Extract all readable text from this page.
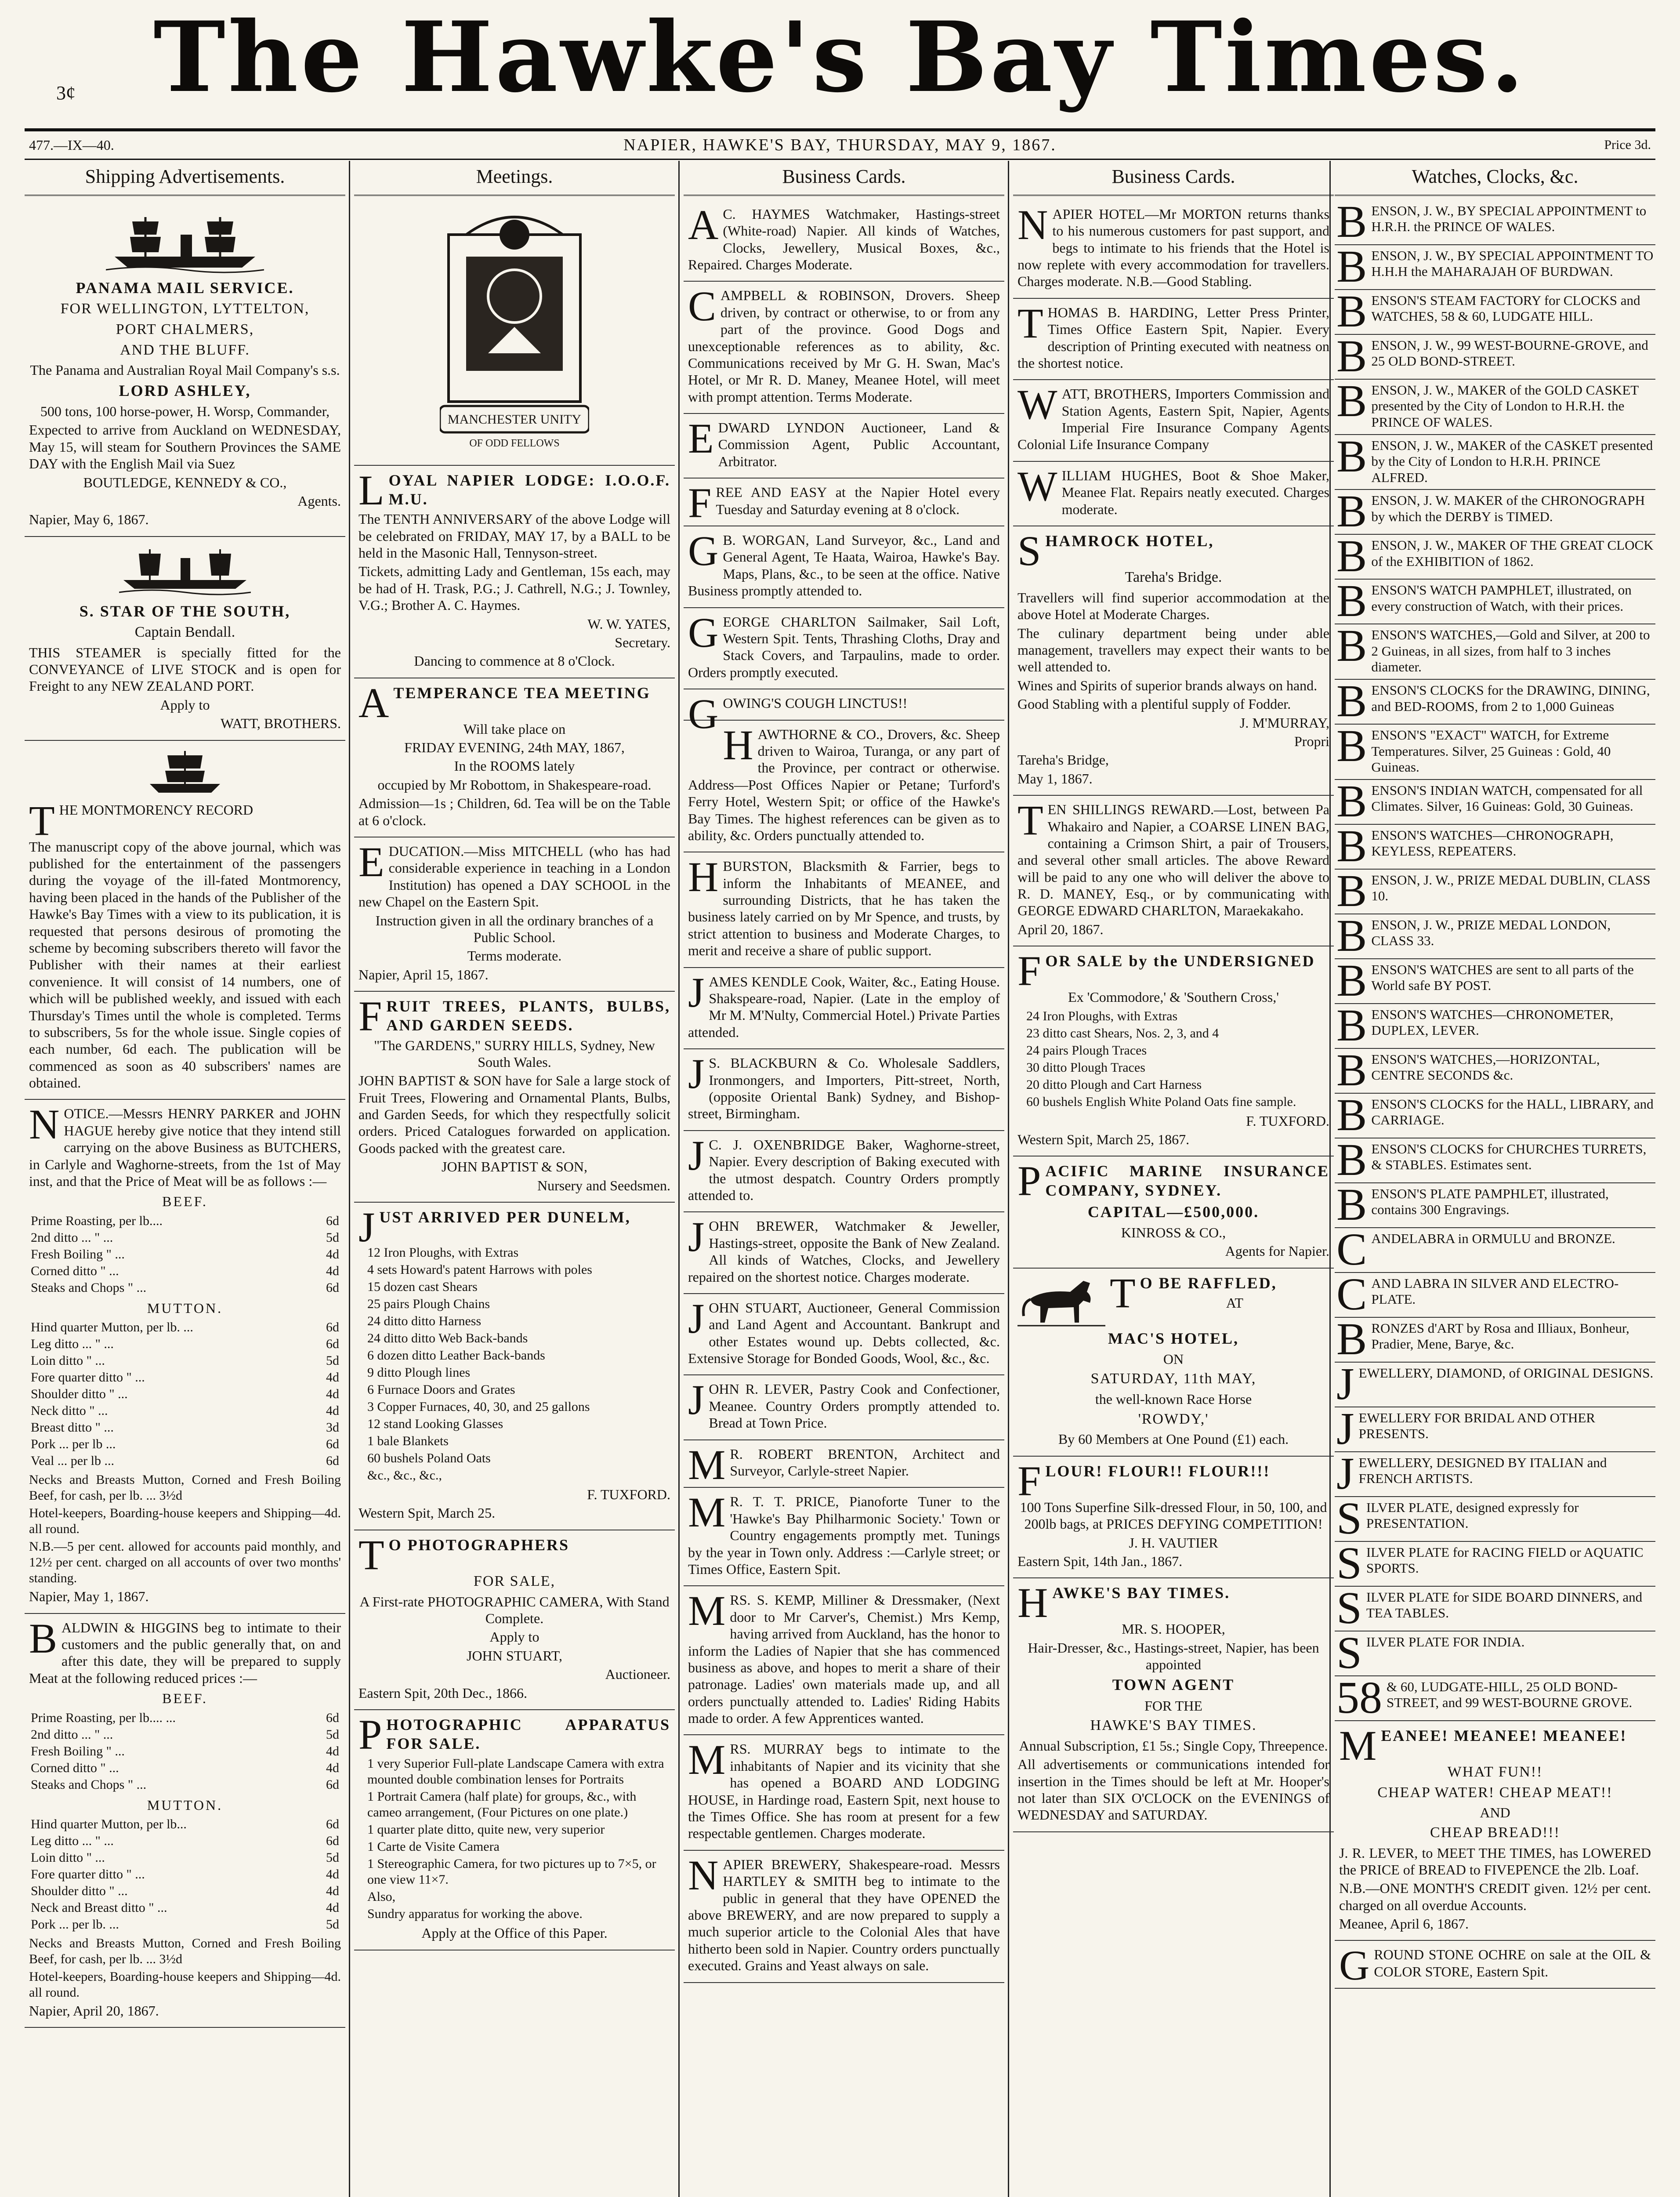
The Hawke's Bay Times.
3¢
477.—IX—40.	NAPIER, HAWKE'S BAY, THURSDAY, MAY 9, 1867.	Price 3d.
Shipping Advertisements.
PANAMA MAIL SERVICE.
FOR WELLINGTON, LYTTELTON,
PORT CHALMERS,
AND THE BLUFF.

The Panama and Australian Royal Mail Company's s.s.

LORD ASHLEY,

500 tons, 100 horse-power, H. Worsp, Commander,

Expected to arrive from Auckland on WEDNESDAY, May 15, will steam for Southern Provinces the SAME DAY with the English Mail via Suez

BOUTLEDGE, KENNEDY & CO.,

Agents.

Napier, May 6, 1867.

S. STAR OF THE SOUTH,
Captain Bendall.

THIS STEAMER is specially fitted for the CONVEYANCE of LIVE STOCK and is open for Freight to any NEW ZEALAND PORT.

Apply to

WATT, BROTHERS.

THE MONTMORENCY RECORD

The manuscript copy of the above journal, which was published for the entertainment of the passengers during the voyage of the ill-fated Montmorency, having been placed in the hands of the Publisher of the Hawke's Bay Times with a view to its publication, it is requested that persons desirous of promoting the scheme by becoming subscribers thereto will favor the Publisher with their names at their earliest convenience. It will consist of 14 numbers, one of which will be published weekly, and issued with each Thursday's Times until the whole is completed. Terms to subscribers, 5s for the whole issue. Single copies of each number, 6d each. The publication will be commenced as soon as 40 subscribers' names are obtained.

NOTICE.—Messrs HENRY PARKER and JOHN HAGUE hereby give notice that they intend still carrying on the above Business as BUTCHERS, in Carlyle and Waghorne-streets, from the 1st of May inst, and that the Price of Meat will be as follows :—

BEEF.
Prime Roasting, per lb....	6d
2nd ditto ... " ...	5d
Fresh Boiling " ...	4d
Corned ditto " ...	4d
Steaks and Chops " ...	6d
MUTTON.
Hind quarter Mutton, per lb. ...	6d
Leg ditto ... " ...	6d
Loin ditto " ...	5d
Fore quarter ditto " ...	4d
Shoulder ditto " ...	4d
Neck ditto " ...	4d
Breast ditto " ...	3d
Pork ... per lb ...	6d
Veal ... per lb ...	6d

Necks and Breasts Mutton, Corned and Fresh Boiling Beef, for cash, per lb. ... 3½d

Hotel-keepers, Boarding-house keepers and Shipping—4d. all round.

N.B.—5 per cent. allowed for accounts paid monthly, and 12½ per cent. charged on all accounts of over two months' standing.

Napier, May 1, 1867.

BALDWIN & HIGGINS beg to intimate to their customers and the public generally that, on and after this date, they will be prepared to supply Meat at the following reduced prices :—

BEEF.
Prime Roasting, per lb.... ...	6d
2nd ditto ... " ...	5d
Fresh Boiling " ...	4d
Corned ditto " ...	4d
Steaks and Chops " ...	6d
MUTTON.
Hind quarter Mutton, per lb...	6d
Leg ditto ... " ...	6d
Loin ditto " ...	5d
Fore quarter ditto " ...	4d
Shoulder ditto " ...	4d
Neck and Breast ditto " ...	4d
Pork ... per lb. ...	5d

Necks and Breasts Mutton, Corned and Fresh Boiling Beef, for cash, per lb. ... 3½d

Hotel-keepers, Boarding-house keepers and Shipping—4d. all round.

Napier, April 20, 1867.

Meetings.
MANCHESTER UNITY
OF ODD FELLOWS

LOYAL NAPIER LODGE: I.O.O.F. M.U.

The TENTH ANNIVERSARY of the above Lodge will be celebrated on FRIDAY, MAY 17, by a BALL to be held in the Masonic Hall, Tennyson-street.

Tickets, admitting Lady and Gentleman, 15s each, may be had of H. Trask, P.G.; J. Cathrell, N.G.; J. Townley, V.G.; Brother A. C. Haymes.

W. W. YATES,

Secretary.

Dancing to commence at 8 o'Clock.

ATEMPERANCE TEA MEETING

Will take place on

FRIDAY EVENING, 24th MAY, 1867,

In the ROOMS lately

occupied by Mr Robottom, in Shakespeare-road.

Admission—1s ; Children, 6d. Tea will be on the Table at 6 o'clock.

EDUCATION.—Miss MITCHELL (who has had considerable experience in teaching in a London Institution) has opened a DAY SCHOOL in the new Chapel on the Eastern Spit.

Instruction given in all the ordinary branches of a Public School.

Terms moderate.

Napier, April 15, 1867.

FRUIT TREES, PLANTS, BULBS, AND GARDEN SEEDS.

"The GARDENS," SURRY HILLS, Sydney, New South Wales.

JOHN BAPTIST & SON have for Sale a large stock of Fruit Trees, Flowering and Ornamental Plants, Bulbs, and Garden Seeds, for which they respectfully solicit orders. Priced Catalogues forwarded on application. Goods packed with the greatest care.

JOHN BAPTIST & SON,

Nursery and Seedsmen.

JUST ARRIVED PER DUNELM,

12 Iron Ploughs, with Extras
4 sets Howard's patent Harrows with poles
15 dozen cast Shears
25 pairs Plough Chains
24 ditto ditto Harness
24 ditto ditto Web Back-bands
6 dozen ditto Leather Back-bands
9 ditto Plough lines
6 Furnace Doors and Grates
3 Copper Furnaces, 40, 30, and 25 gallons
12 stand Looking Glasses
1 bale Blankets
60 bushels Poland Oats
&c., &c., &c.,

F. TUXFORD.

Western Spit, March 25.

T O PHOTOGRAPHERS

FOR SALE,

A First-rate PHOTOGRAPHIC CAMERA, With Stand Complete.

Apply to

JOHN STUART,

Auctioneer.

Eastern Spit, 20th Dec., 1866.

PHOTOGRAPHIC APPARATUS FOR SALE.

1 very Superior Full-plate Landscape Camera with extra mounted double combination lenses for Portraits
1 Portrait Camera (half plate) for groups, &c., with cameo arrangement, (Four Pictures on one plate.)
1 quarter plate ditto, quite new, very superior
1 Carte de Visite Camera
1 Stereographic Camera, for two pictures up to 7×5, or one view 11×7.
Also,
Sundry apparatus for working the above.

Apply at the Office of this Paper.

Business Cards.

A C. HAYMES Watchmaker, Hastings-street (White-road) Napier. All kinds of Watches, Clocks, Jewellery, Musical Boxes, &c., Repaired. Charges Moderate.

CAMPBELL & ROBINSON, Drovers. Sheep driven, by contract or otherwise, to or from any part of the province. Good Dogs and unexceptionable references as to ability, &c. Communications received by Mr G. H. Swan, Mac's Hotel, or Mr R. D. Maney, Meanee Hotel, will meet with prompt attention. Terms Moderate.

EDWARD LYNDON Auctioneer, Land & Commission Agent, Public Accountant, Arbitrator.

FREE AND EASY at the Napier Hotel every Tuesday and Saturday evening at 8 o'clock.

G B. WORGAN, Land Surveyor, &c., Land and General Agent, Te Haata, Wairoa, Hawke's Bay. Maps, Plans, &c., to be seen at the office. Native Business promptly attended to.

GEORGE CHARLTON Sailmaker, Sail Loft, Western Spit. Tents, Thrashing Cloths, Dray and Stack Covers, and Tarpaulins, made to order. Orders promptly executed.

GOWING'S COUGH LINCTUS!!

HAWTHORNE & CO., Drovers, &c. Sheep driven to Wairoa, Turanga, or any part of the Province, per contract or otherwise. Address—Post Offices Napier or Petane; Turford's Ferry Hotel, Western Spit; or office of the Hawke's Bay Times. The highest references can be given as to ability, &c. Orders punctually attended to.

HBURSTON, Blacksmith & Farrier, begs to inform the Inhabitants of MEANEE, and surrounding Districts, that he has taken the business lately carried on by Mr Spence, and trusts, by strict attention to business and Moderate Charges, to merit and receive a share of public support.

JAMES KENDLE Cook, Waiter, &c., Eating House. Shakspeare-road, Napier. (Late in the employ of Mr M. M'Nulty, Commercial Hotel.) Private Parties attended.

J S. BLACKBURN & Co. Wholesale Saddlers, Ironmongers, and Importers, Pitt-street, North, (opposite Oriental Bank) Sydney, and Bishop-street, Birmingham.

J C. J. OXENBRIDGE Baker, Waghorne-street, Napier. Every description of Baking executed with the utmost despatch. Country Orders promptly attended to.

JOHN BREWER, Watchmaker & Jeweller, Hastings-street, opposite the Bank of New Zealand. All kinds of Watches, Clocks, and Jewellery repaired on the shortest notice. Charges moderate.

JOHN STUART, Auctioneer, General Commission and Land Agent and Accountant. Bankrupt and other Estates wound up. Debts collected, &c. Extensive Storage for Bonded Goods, Wool, &c., &c.

JOHN R. LEVER, Pastry Cook and Confectioner, Meanee. Country Orders promptly attended to. Bread at Town Price.

M R. ROBERT BRENTON, Architect and Surveyor, Carlyle-street Napier.

M R. T. T. PRICE, Pianoforte Tuner to the 'Hawke's Bay Philharmonic Society.' Town or Country engagements promptly met. Tunings by the year in Town only. Address :—Carlyle street; or Times Office, Eastern Spit.

MRS. S. KEMP, Milliner & Dressmaker, (Next door to Mr Carver's, Chemist.) Mrs Kemp, having arrived from Auckland, has the honor to inform the Ladies of Napier that she has commenced business as above, and hopes to merit a share of their patronage. Ladies' own materials made up, and all orders punctually attended to. Ladies' Riding Habits made to order. A few Apprentices wanted.

MRS. MURRAY begs to intimate to the inhabitants of Napier and its vicinity that she has opened a BOARD AND LODGING HOUSE, in Hardinge road, Eastern Spit, next house to the Times Office. She has room at present for a few respectable gentlemen. Charges moderate.

NAPIER BREWERY, Shakespeare-road. Messrs HARTLEY & SMITH beg to intimate to the public in general that they have OPENED the above BREWERY, and are now prepared to supply a much superior article to the Colonial Ales that have hitherto been sold in Napier. Country orders punctually executed. Grains and Yeast always on sale.

Business Cards.

NAPIER HOTEL—Mr MORTON returns thanks to his numerous customers for past support, and begs to intimate to his friends that the Hotel is now replete with every accommodation for travellers. Charges moderate. N.B.—Good Stabling.

THOMAS B. HARDING, Letter Press Printer, Times Office Eastern Spit, Napier. Every description of Printing executed with neatness on the shortest notice.

WATT, BROTHERS, Importers Commission and Station Agents, Eastern Spit, Napier, Agents Imperial Fire Insurance Company Agents Colonial Life Insurance Company

WILLIAM HUGHES, Boot & Shoe Maker, Meanee Flat. Repairs neatly executed. Charges moderate.

SHAMROCK HOTEL,

Tareha's Bridge.

Travellers will find superior accommodation at the above Hotel at Moderate Charges.

The culinary department being under able management, travellers may expect their wants to be well attended to.

Wines and Spirits of superior brands always on hand.

Good Stabling with a plentiful supply of Fodder.

J. M'MURRAY,

Propri

Tareha's Bridge,

May 1, 1867.

TEN SHILLINGS REWARD.—Lost, between Pa Whakairo and Napier, a COARSE LINEN BAG, containing a Crimson Shirt, a pair of Trousers, and several other small articles. The above Reward will be paid to any one who will deliver the above to R. D. MANEY, Esq., or by communicating with GEORGE EDWARD CHARLTON, Maraekakaho.

April 20, 1867.

FOR SALE by the UNDERSIGNED

Ex 'Commodore,' & 'Southern Cross,'

24 Iron Ploughs, with Extras
23 ditto cast Shears, Nos. 2, 3, and 4
24 pairs Plough Traces
30 ditto Plough Traces
20 ditto Plough and Cart Harness
60 bushels English White Poland Oats fine sample.

F. TUXFORD.

Western Spit, March 25, 1867.

PACIFIC MARINE INSURANCE COMPANY, SYDNEY.

CAPITAL—£500,000.

KINROSS & CO.,

Agents for Napier.

T O BE RAFFLED,

AT

MAC'S HOTEL,

ON

SATURDAY, 11th MAY,

the well-known Race Horse

'ROWDY,'

By 60 Members at One Pound (£1) each.

FLOUR! FLOUR!! FLOUR!!!

100 Tons Superfine Silk-dressed Flour, in 50, 100, and 200lb bags, at PRICES DEFYING COMPETITION!

J. H. VAUTIER

Eastern Spit, 14th Jan., 1867.

HAWKE'S BAY TIMES.

MR. S. HOOPER,

Hair-Dresser, &c., Hastings-street, Napier, has been appointed

TOWN AGENT

FOR THE

HAWKE'S BAY TIMES.

Annual Subscription, £1 5s.; Single Copy, Threepence.

All advertisements or communications intended for insertion in the Times should be left at Mr. Hooper's not later than SIX O'CLOCK on the EVENINGS of WEDNESDAY and SATURDAY.

Watches, Clocks, &c.
B ENSON, J. W., BY SPECIAL APPOINTMENT to H.R.H. the PRINCE OF WALES.

B ENSON, J. W., BY SPECIAL APPOINTMENT TO H.H.H the MAHARAJAH OF BURDWAN.

B ENSON'S STEAM FACTORY for CLOCKS and WATCHES, 58 & 60, LUDGATE HILL.

B ENSON, J. W., 99 WEST-BOURNE-GROVE, and 25 OLD BOND-STREET.

B ENSON, J. W., MAKER of the GOLD CASKET presented by the City of London to H.R.H. the PRINCE OF WALES.

B ENSON, J. W., MAKER of the CASKET presented by the City of London to H.R.H. PRINCE ALFRED.

B ENSON, J. W. MAKER of the CHRONOGRAPH by which the DERBY is TIMED.

B ENSON, J. W., MAKER OF THE GREAT CLOCK of the EXHIBITION of 1862.

B ENSON'S WATCH PAMPHLET, illustrated, on every construction of Watch, with their prices.

B ENSON'S WATCHES,—Gold and Silver, at 200 to 2 Guineas, in all sizes, from half to 3 inches diameter.

B ENSON'S CLOCKS for the DRAWING, DINING, and BED-ROOMS, from 2 to 1,000 Guineas

B ENSON'S "EXACT" WATCH, for Extreme Temperatures. Silver, 25 Guineas : Gold, 40 Guineas.

B ENSON'S INDIAN WATCH, compensated for all Climates. Silver, 16 Guineas: Gold, 30 Guineas.

B ENSON'S WATCHES—CHRONOGRAPH, KEYLESS, REPEATERS.

B ENSON, J. W., PRIZE MEDAL DUBLIN, CLASS 10.

B ENSON, J. W., PRIZE MEDAL LONDON, CLASS 33.

B ENSON'S WATCHES are sent to all parts of the World safe BY POST.

B ENSON'S WATCHES—CHRONOMETER, DUPLEX, LEVER.

B ENSON'S WATCHES,—HORIZONTAL, CENTRE SECONDS &c.

B ENSON'S CLOCKS for the HALL, LIBRARY, and CARRIAGE.

B ENSON'S CLOCKS for CHURCHES TURRETS, & STABLES. Estimates sent.

B ENSON'S PLATE PAMPHLET, illustrated, contains 300 Engravings.

C ANDELABRA in ORMULU and BRONZE.

C AND LABRA IN SILVER AND ELECTRO-PLATE.

B RONZES d'ART by Rosa and Illiaux, Bonheur, Pradier, Mene, Barye, &c.

J EWELLERY, DIAMOND, of ORIGINAL DESIGNS.

J EWELLERY FOR BRIDAL AND OTHER PRESENTS.

J EWELLERY, DESIGNED BY ITALIAN and FRENCH ARTISTS.

S ILVER PLATE, designed expressly for PRESENTATION.

S ILVER PLATE for RACING FIELD or AQUATIC SPORTS.

S ILVER PLATE for SIDE BOARD DINNERS, and TEA TABLES.

S ILVER PLATE FOR INDIA.

58 & 60, LUDGATE-HILL, 25 OLD BOND-STREET, and 99 WEST-BOURNE GROVE.

MEANEE! MEANEE! MEANEE!

WHAT FUN!!
CHEAP WATER! CHEAP MEAT!!

AND

CHEAP BREAD!!!

J. R. LEVER, to MEET THE TIMES, has LOWERED the PRICE of BREAD to FIVEPENCE the 2lb. Loaf.

N.B.—ONE MONTH'S CREDIT given. 12½ per cent. charged on all overdue Accounts.

Meanee, April 6, 1867.

GROUND STONE OCHRE on sale at the OIL & COLOR STORE, Eastern Spit.
